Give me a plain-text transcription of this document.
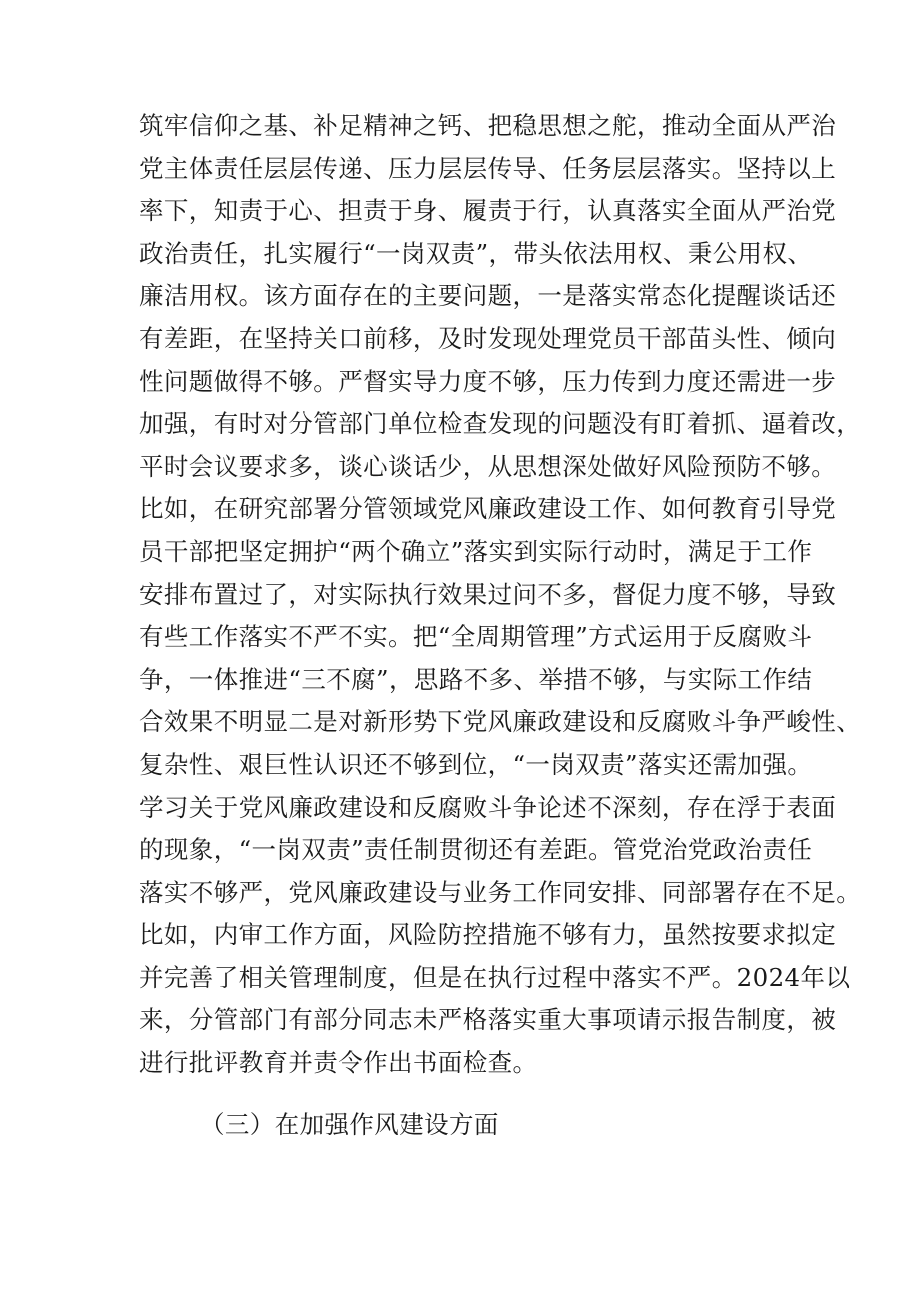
筑牢信仰之基、补足精神之钙、把稳思想之舵，推动全面从严治
党主体责任层层传递、压力层层传导、任务层层落实。坚持以上
率下，知责于心、担责于身、履责于行，认真落实全面从严治党
政治责任，扎实履行“一岗双责”，带头依法用权、秉公用权、
廉洁用权。该方面存在的主要问题，一是落实常态化提醒谈话还
有差距，在坚持关口前移，及时发现处理党员干部苗头性、倾向
性问题做得不够。严督实导力度不够，压力传到力度还需进一步
加强，有时对分管部门单位检查发现的问题没有盯着抓、逼着改，
平时会议要求多，谈心谈话少，从思想深处做好风险预防不够。
比如，在研究部署分管领域党风廉政建设工作、如何教育引导党
员干部把坚定拥护“两个确立”落实到实际行动时，满足于工作
安排布置过了，对实际执行效果过问不多，督促力度不够，导致
有些工作落实不严不实。把“全周期管理”方式运用于反腐败斗
争，一体推进“三不腐”，思路不多、举措不够，与实际工作结
合效果不明显二是对新形势下党风廉政建设和反腐败斗争严峻性、
复杂性、艰巨性认识还不够到位，“一岗双责”落实还需加强。
学习关于党风廉政建设和反腐败斗争论述不深刻，存在浮于表面
的现象，“一岗双责”责任制贯彻还有差距。管党治党政治责任
落实不够严，党风廉政建设与业务工作同安排、同部署存在不足。
比如，内审工作方面，风险防控措施不够有力，虽然按要求拟定
并完善了相关管理制度，但是在执行过程中落实不严。2024年以
来，分管部门有部分同志未严格落实重大事项请示报告制度，被
进行批评教育并责令作出书面检查。
（三）在加强作风建设方面
